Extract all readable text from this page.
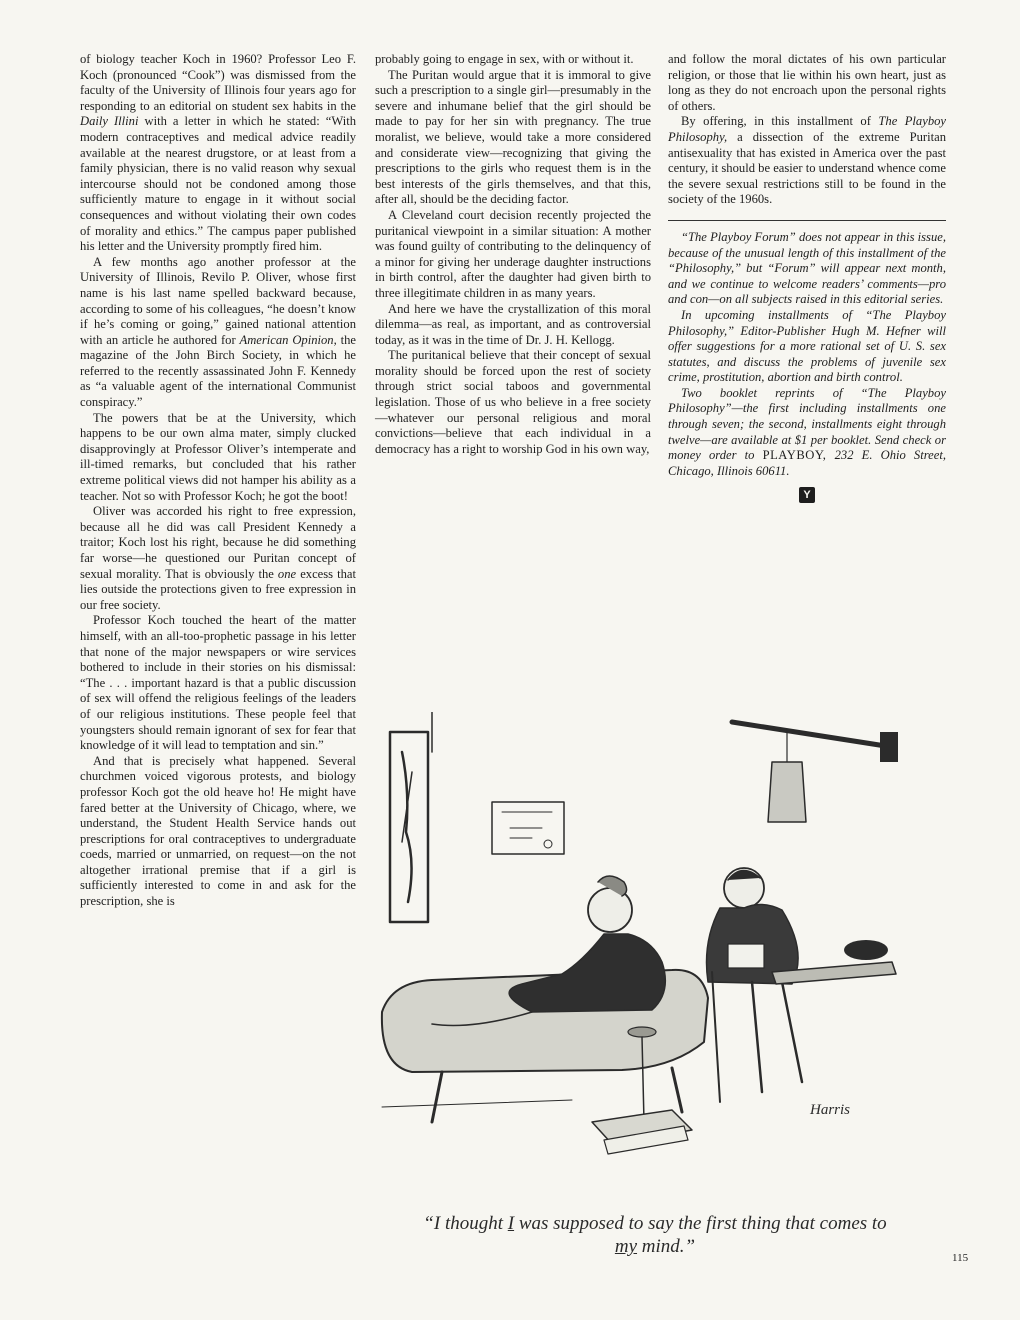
of biology teacher Koch in 1960? Professor Leo F. Koch (pronounced “Cook”) was dismissed from the faculty of the University of Illinois four years ago for responding to an editorial on student sex habits in the Daily Illini with a letter in which he stated: “With modern contraceptives and medical advice readily available at the nearest drugstore, or at least from a family physician, there is no valid reason why sexual intercourse should not be condoned among those sufficiently mature to engage in it without social consequences and without violating their own codes of morality and ethics.” The campus paper published his letter and the University promptly fired him.

A few months ago another professor at the University of Illinois, Revilo P. Oliver, whose first name is his last name spelled backward because, according to some of his colleagues, “he doesn’t know if he’s coming or going,” gained national attention with an article he authored for American Opinion, the magazine of the John Birch Society, in which he referred to the recently assassinated John F. Kennedy as “a valuable agent of the international Communist conspiracy.”

The powers that be at the University, which happens to be our own alma mater, simply clucked disapprovingly at Professor Oliver’s intemperate and ill-timed remarks, but concluded that his rather extreme political views did not hamper his ability as a teacher. Not so with Professor Koch; he got the boot!

Oliver was accorded his right to free expression, because all he did was call President Kennedy a traitor; Koch lost his right, because he did something far worse—he questioned our Puritan concept of sexual morality. That is obviously the one excess that lies outside the protections given to free expression in our free society.

Professor Koch touched the heart of the matter himself, with an all-too-prophetic passage in his letter that none of the major newspapers or wire services bothered to include in their stories on his dismissal: “The . . . important hazard is that a public discussion of sex will offend the religious feelings of the leaders of our religious institutions. These people feel that youngsters should remain ignorant of sex for fear that knowledge of it will lead to temptation and sin.”

And that is precisely what happened. Several churchmen voiced vigorous protests, and biology professor Koch got the old heave ho! He might have fared better at the University of Chicago, where, we understand, the Student Health Service hands out prescriptions for oral contraceptives to undergraduate coeds, married or unmarried, on request—on the not altogether irrational premise that if a girl is sufficiently interested to come in and ask for the prescription, she is

probably going to engage in sex, with or without it.

The Puritan would argue that it is immoral to give such a prescription to a single girl—presumably in the severe and inhumane belief that the girl should be made to pay for her sin with pregnancy. The true moralist, we believe, would take a more considered and considerate view—recognizing that giving the prescriptions to the girls who request them is in the best interests of the girls themselves, and that this, after all, should be the deciding factor.

A Cleveland court decision recently projected the puritanical viewpoint in a similar situation: A mother was found guilty of contributing to the delinquency of a minor for giving her underage daughter instructions in birth control, after the daughter had given birth to three illegitimate children in as many years.

And here we have the crystallization of this moral dilemma—as real, as important, and as controversial today, as it was in the time of Dr. J. H. Kellogg.

The puritanical believe that their concept of sexual morality should be forced upon the rest of society through strict social taboos and governmental legislation. Those of us who believe in a free society—whatever our personal religious and moral convictions—believe that each individual in a democracy has a right to worship God in his own way,

and follow the moral dictates of his own particular religion, or those that lie within his own heart, just as long as they do not encroach upon the personal rights of others.

By offering, in this installment of The Playboy Philosophy, a dissection of the extreme Puritan antisexuality that has existed in America over the past century, it should be easier to understand whence come the severe sexual restrictions still to be found in the society of the 1960s.

“The Playboy Forum” does not appear in this issue, because of the unusual length of this installment of the “Philosophy,” but “Forum” will appear next month, and we continue to welcome readers’ comments—pro and con—on all subjects raised in this editorial series.

In upcoming installments of “The Playboy Philosophy,” Editor-Publisher Hugh M. Hefner will offer suggestions for a more rational set of U. S. sex statutes, and discuss the problems of juvenile sex crime, prostitution, abortion and birth control.

Two booklet reprints of “The Playboy Philosophy”—the first including installments one through seven; the second, installments eight through twelve—are available at $1 per booklet. Send check or money order to PLAYBOY, 232 E. Ohio Street, Chicago, Illinois 60611.

Y
Harris
“I thought I was supposed to say the first thing that comes to my mind.”
115
